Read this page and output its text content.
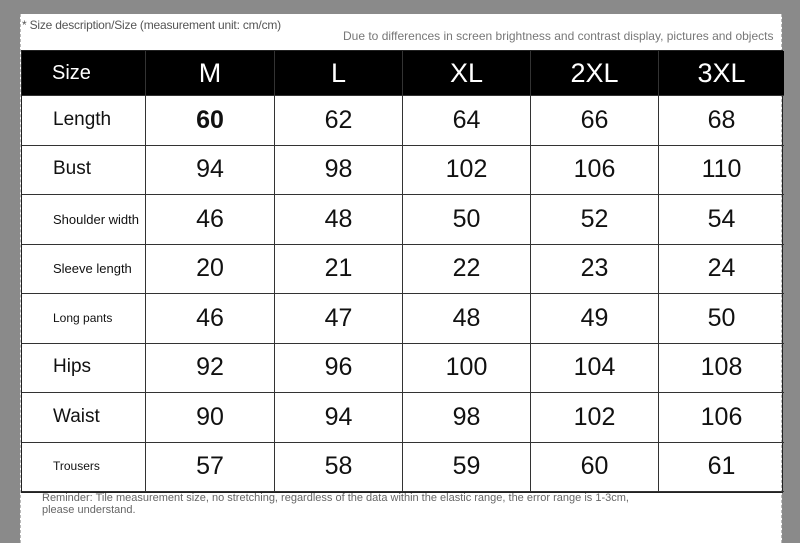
* Size description/Size (measurement unit: cm/cm)
Due to differences in screen brightness and contrast display, pictures and objects
Size	M	L	XL	2XL	3XL
Length	60	62	64	66	68
Bust	94	98	102	106	110
Shoulder width	46	48	50	52	54
Sleeve length	20	21	22	23	24
Long pants	46	47	48	49	50
Hips	92	96	100	104	108
Waist	90	94	98	102	106
Trousers	57	58	59	60	61
Reminder: Tile measurement size, no stretching, regardless of the data within the elastic range, the error range is 1-3cm, please understand.
